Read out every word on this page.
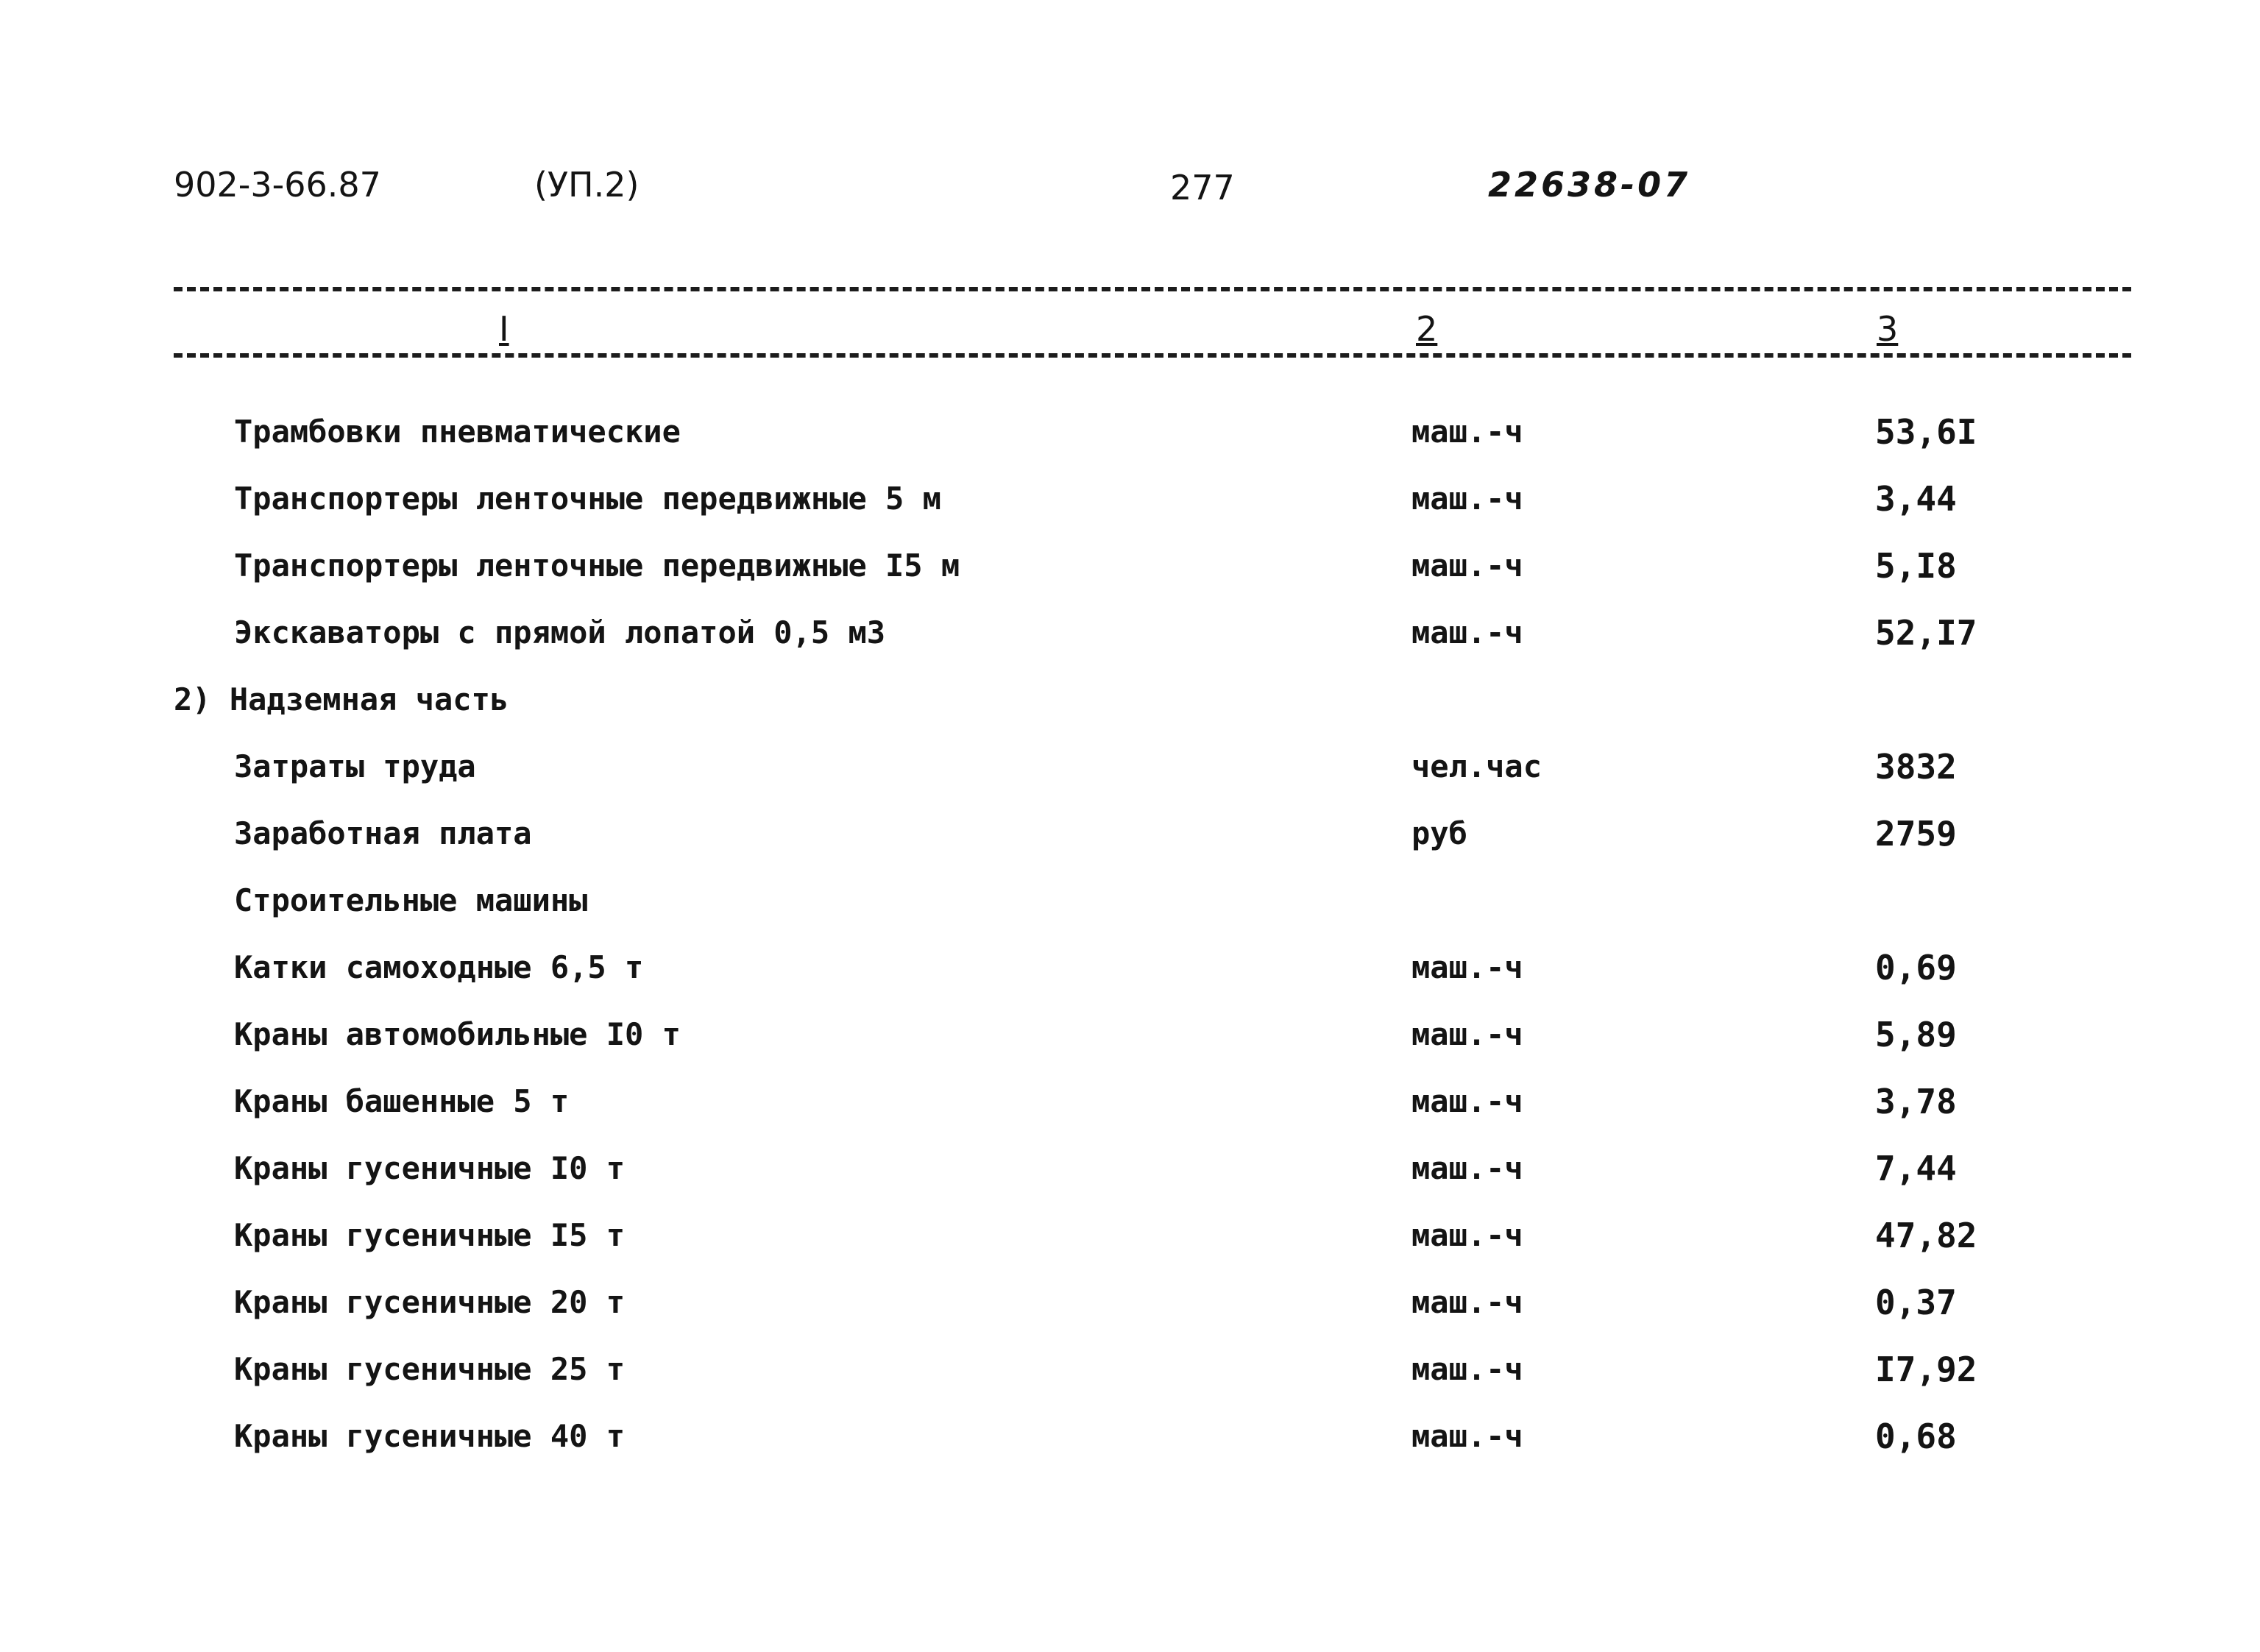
902-3-66.87	(УП.2)	277	22638-07
I	2	3
Трамбовки пневматические	маш.-ч	53,6I
Транспортеры ленточные передвижные 5 м	маш.-ч	3,44
Транспортеры ленточные передвижные I5 м	маш.-ч	5,I8
Экскаваторы с прямой лопатой 0,5 м3	маш.-ч	52,I7
2) Надземная часть
Затраты труда	чел.час	3832
Заработная плата	руб	2759
Строительные машины
Катки самоходные 6,5 т	маш.-ч	0,69
Краны автомобильные I0 т	маш.-ч	5,89
Краны башенные 5 т	маш.-ч	3,78
Краны гусеничные I0 т	маш.-ч	7,44
Краны гусеничные I5 т	маш.-ч	47,82
Краны гусеничные 20 т	маш.-ч	0,37
Краны гусеничные 25 т	маш.-ч	I7,92
Краны гусеничные 40 т	маш.-ч	0,68
